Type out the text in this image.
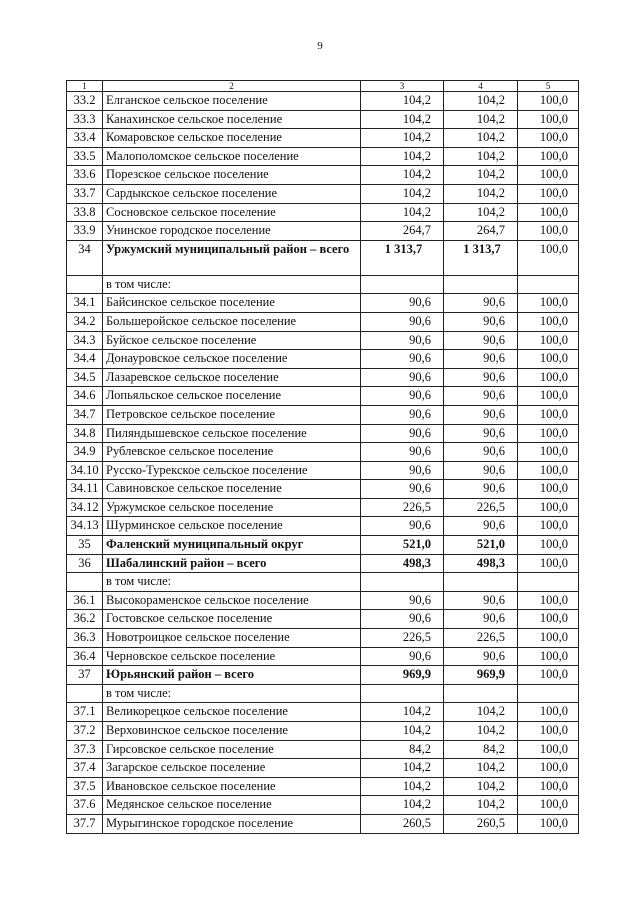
9
1	2	3	4	5
33.2	Елганское сельское поселение	104,2	104,2	100,0
33.3	Канахинское сельское поселение	104,2	104,2	100,0
33.4	Комаровское сельское поселение	104,2	104,2	100,0
33.5	Малополомское сельское поселение	104,2	104,2	100,0
33.6	Порезское сельское поселение	104,2	104,2	100,0
33.7	Сардыкское сельское поселение	104,2	104,2	100,0
33.8	Сосновское сельское поселение	104,2	104,2	100,0
33.9	Унинское городское поселение	264,7	264,7	100,0
34	Уржумский муниципальный район – всего	1 313,7	1 313,7	100,0
	в том числе:			
34.1	Байсинское сельское поселение	90,6	90,6	100,0
34.2	Большеройское сельское поселение	90,6	90,6	100,0
34.3	Буйское сельское поселение	90,6	90,6	100,0
34.4	Донауровское сельское поселение	90,6	90,6	100,0
34.5	Лазаревское сельское поселение	90,6	90,6	100,0
34.6	Лопьяльское сельское поселение	90,6	90,6	100,0
34.7	Петровское сельское поселение	90,6	90,6	100,0
34.8	Пиляндышевское сельское поселение	90,6	90,6	100,0
34.9	Рублевское сельское поселение	90,6	90,6	100,0
34.10	Русско-Турекское сельское поселение	90,6	90,6	100,0
34.11	Савиновское сельское поселение	90,6	90,6	100,0
34.12	Уржумское сельское поселение	226,5	226,5	100,0
34.13	Шурминское сельское поселение	90,6	90,6	100,0
35	Фаленский муниципальный округ	521,0	521,0	100,0
36	Шабалинский район – всего	498,3	498,3	100,0
	в том числе:			
36.1	Высокораменское сельское поселение	90,6	90,6	100,0
36.2	Гостовское сельское поселение	90,6	90,6	100,0
36.3	Новотроицкое сельское поселение	226,5	226,5	100,0
36.4	Черновское сельское поселение	90,6	90,6	100,0
37	Юрьянский район – всего	969,9	969,9	100,0
	в том числе:			
37.1	Великорецкое сельское поселение	104,2	104,2	100,0
37.2	Верховинское сельское поселение	104,2	104,2	100,0
37.3	Гирсовское сельское поселение	84,2	84,2	100,0
37.4	Загарское сельское поселение	104,2	104,2	100,0
37.5	Ивановское сельское поселение	104,2	104,2	100,0
37.6	Медянское сельское поселение	104,2	104,2	100,0
37.7	Мурыгинское городское поселение	260,5	260,5	100,0
